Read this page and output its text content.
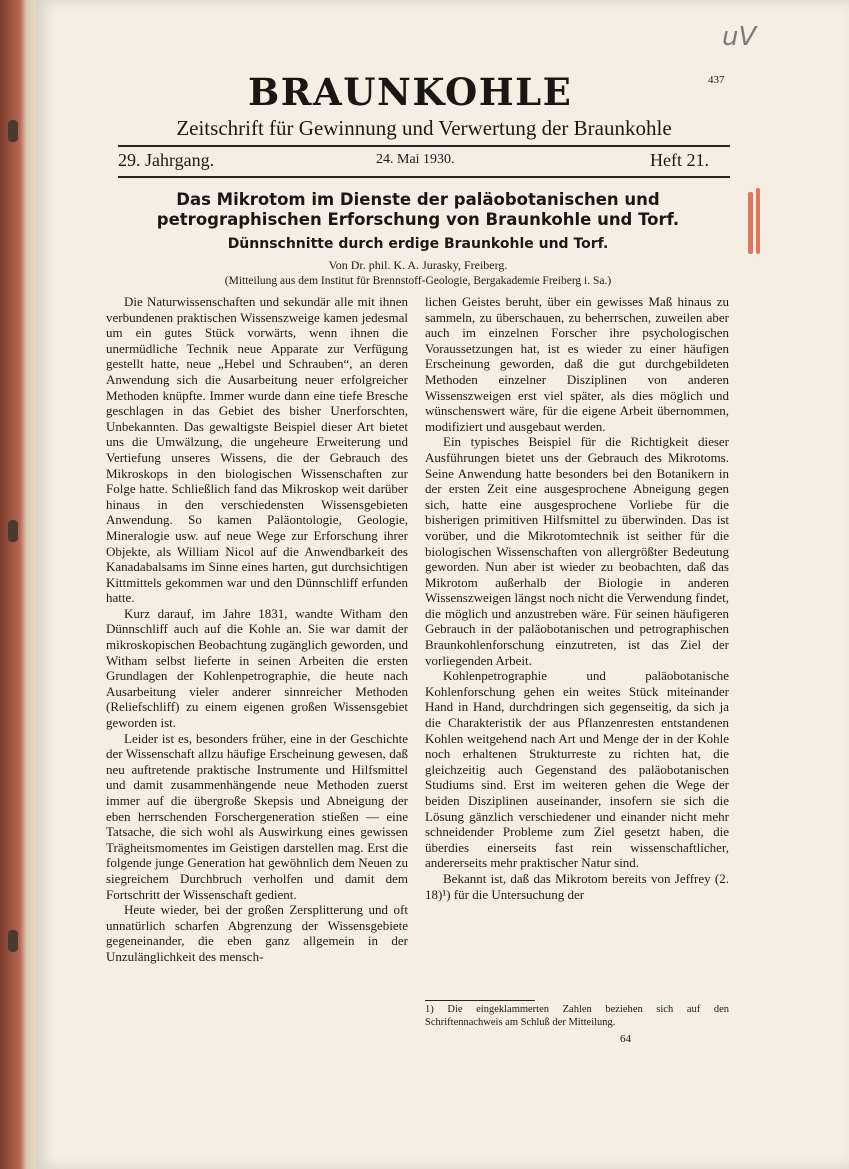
uV
437
BRAUNKOHLE
Zeitschrift für Gewinnung und Verwertung der Braunkohle
29. Jahrgang.	24. Mai 1930.	Heft 21.
Das Mikrotom im Dienste der paläobotanischen und petrographischen Erforschung von Braunkohle und Torf.
Dünnschnitte durch erdige Braunkohle und Torf.
Von Dr. phil. K. A. Jurasky, Freiberg.
(Mitteilung aus dem Institut für Brennstoff-Geologie, Bergakademie Freiberg i. Sa.)

Die Naturwissenschaften und sekundär alle mit ihnen verbundenen praktischen Wissenszweige kamen jedesmal um ein gutes Stück vorwärts, wenn ihnen die unermüdliche Technik neue Apparate zur Verfügung gestellt hatte, neue „Hebel und Schrauben“, an deren Anwendung sich die Ausarbeitung neuer erfolgreicher Methoden knüpfte. Immer wurde dann eine tiefe Bresche geschlagen in das Gebiet des bisher Unerforschten, Unbekannten. Das gewaltigste Beispiel dieser Art bietet uns die Umwälzung, die ungeheure Erweiterung und Vertiefung unseres Wissens, die der Gebrauch des Mikroskops in den biologischen Wissenschaften zur Folge hatte. Schließlich fand das Mikroskop weit darüber hinaus in den verschiedensten Wissensgebieten Anwendung. So kamen Paläontologie, Geologie, Mineralogie usw. auf neue Wege zur Erforschung ihrer Objekte, als William Nicol auf die Anwendbarkeit des Kanadabalsams im Sinne eines harten, gut durchsichtigen Kittmittels gekommen war und den Dünnschliff erfunden hatte.

Kurz darauf, im Jahre 1831, wandte Witham den Dünnschliff auch auf die Kohle an. Sie war damit der mikroskopischen Beobachtung zugänglich geworden, und Witham selbst lieferte in seinen Arbeiten die ersten Grundlagen der Kohlenpetrographie, die heute nach Ausarbeitung vieler anderer sinnreicher Methoden (Reliefschliff) zu einem eigenen großen Wissensgebiet geworden ist.

Leider ist es, besonders früher, eine in der Geschichte der Wissenschaft allzu häufige Erscheinung gewesen, daß neu auftretende praktische Instrumente und Hilfsmittel und damit zusammenhängende neue Methoden zuerst immer auf die übergroße Skepsis und Abneigung der eben herrschenden Forschergeneration stießen — eine Tatsache, die sich wohl als Auswirkung eines gewissen Trägheitsmomentes im Geistigen darstellen mag. Erst die folgende junge Generation hat gewöhnlich dem Neuen zu siegreichem Durchbruch verholfen und damit dem Fortschritt der Wissenschaft gedient.

Heute wieder, bei der großen Zersplitterung und oft unnatürlich scharfen Abgrenzung der Wissensgebiete gegeneinander, die eben ganz allgemein in der Unzulänglichkeit des mensch-

lichen Geistes beruht, über ein gewisses Maß hinaus zu sammeln, zu überschauen, zu beherrschen, zuweilen aber auch im einzelnen Forscher ihre psychologischen Voraussetzungen hat, ist es wieder zu einer häufigen Erscheinung geworden, daß die gut durchgebildeten Methoden einzelner Disziplinen von anderen Wissenszweigen erst viel später, als dies möglich und wünschenswert wäre, für die eigene Arbeit übernommen, modifiziert und ausgebaut werden.

Ein typisches Beispiel für die Richtigkeit dieser Ausführungen bietet uns der Gebrauch des Mikrotoms. Seine Anwendung hatte besonders bei den Botanikern in der ersten Zeit eine ausgesprochene Abneigung gegen sich, hatte eine ausgesprochene Vorliebe für die bisherigen primitiven Hilfsmittel zu überwinden. Das ist vorüber, und die Mikrotomtechnik ist seither für die biologischen Wissenschaften von allergrößter Bedeutung geworden. Nun aber ist wieder zu beobachten, daß das Mikrotom außerhalb der Biologie in anderen Wissenszweigen längst noch nicht die Verwendung findet, die möglich und anzustreben wäre. Für seinen häufigeren Gebrauch in der paläobotanischen und petrographischen Braunkohlenforschung einzutreten, ist das Ziel der vorliegenden Arbeit.

Kohlenpetrographie und paläobotanische Kohlenforschung gehen ein weites Stück miteinander Hand in Hand, durchdringen sich gegenseitig, da sich ja die Charakteristik der aus Pflanzenresten entstandenen Kohlen weitgehend nach Art und Menge der in der Kohle noch erhaltenen Strukturreste zu richten hat, die gleichzeitig auch Gegenstand des paläobotanischen Studiums sind. Erst im weiteren gehen die Wege der beiden Disziplinen auseinander, insofern sie sich die Lösung gänzlich verschiedener und einander nicht mehr schneidender Probleme zum Ziel gesetzt haben, die überdies einerseits fast rein wissenschaftlicher, andererseits mehr praktischer Natur sind.

Bekannt ist, daß das Mikrotom bereits von Jeffrey (2. 18)¹) für die Untersuchung der

1) Die eingeklammerten Zahlen beziehen sich auf den Schriftennachweis am Schluß der Mitteilung.
64
